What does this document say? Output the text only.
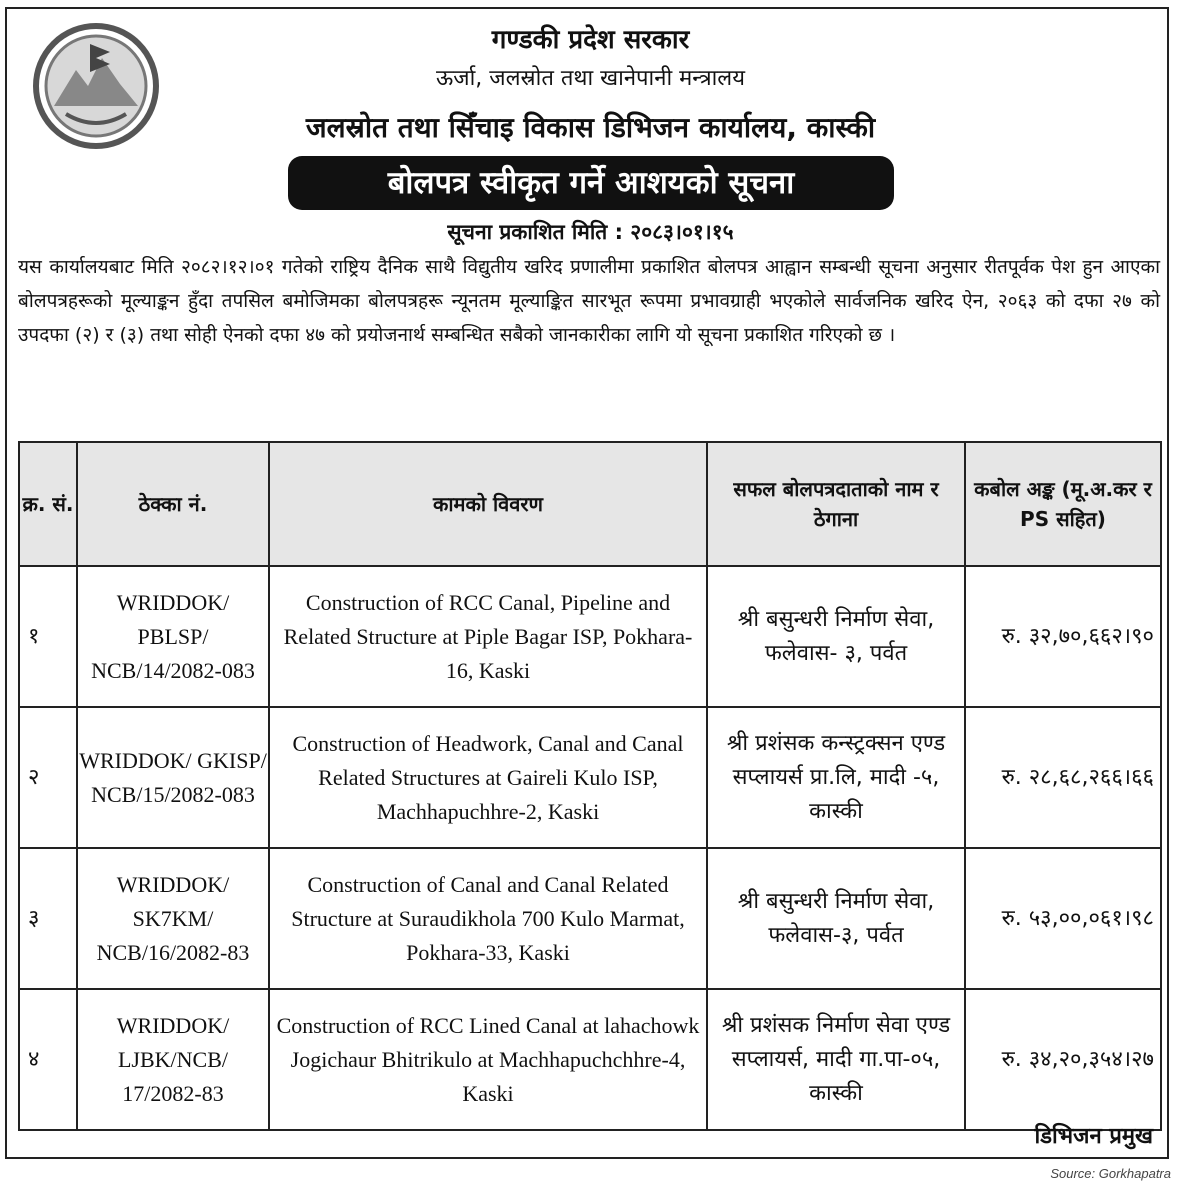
गण्डकी प्रदेश सरकार
ऊर्जा, जलस्रोत तथा खानेपानी मन्त्रालय
जलस्रोत तथा सिँचाइ विकास डिभिजन कार्यालय, कास्की
बोलपत्र स्वीकृत गर्ने आशयको सूचना
सूचना प्रकाशित मिति : २०८३।०१।१५
यस कार्यालयबाट मिति २०८२।१२।०१ गतेको राष्ट्रिय दैनिक साथै विद्युतीय खरिद प्रणालीमा प्रकाशित बोलपत्र आह्वान सम्बन्धी सूचना अनुसार रीतपूर्वक पेश हुन आएका बोलपत्रहरूको मूल्याङ्कन हुँदा तपसिल बमोजिमका बोलपत्रहरू न्यूनतम मूल्याङ्कित सारभूत रूपमा प्रभावग्राही भएकोले सार्वजनिक खरिद ऐन, २०६३ को दफा २७ को उपदफा (२) र (३) तथा सोही ऐनको दफा ४७ को प्रयोजनार्थ सम्बन्धित सबैको जानकारीका लागि यो सूचना प्रकाशित गरिएको छ ।
क्र. सं.	ठेक्का नं.	कामको विवरण	सफल बोलपत्रदाताको नाम र ठेगाना	कबोल अङ्क (मू.अ.कर र PS सहित)
१	WRIDDOK/ PBLSP/ NCB/14/2082-083	Construction of RCC Canal, Pipeline and Related Structure at Piple Bagar ISP, Pokhara-16, Kaski	श्री बसुन्धरी निर्माण सेवा, फलेवास- ३, पर्वत	रु. ३२,७०,६६२।९०
२	WRIDDOK/ GKISP/ NCB/15/2082-083	Construction of Headwork, Canal and Canal Related Structures at Gaireli Kulo ISP, Machhapuchhre-2, Kaski	श्री प्रशंसक कन्स्ट्रक्सन एण्ड सप्लायर्स प्रा.लि, मादी -५, कास्की	रु. २८,६८,२६६।६६
३	WRIDDOK/ SK7KM/ NCB/16/2082-83	Construction of Canal and Canal Related Structure at Suraudikhola 700 Kulo Marmat, Pokhara-33, Kaski	श्री बसुन्धरी निर्माण सेवा, फलेवास-३, पर्वत	रु. ५३,००,०६१।९८
४	WRIDDOK/ LJBK/NCB/ 17/2082-83	Construction of RCC Lined Canal at lahachowk Jogichaur Bhitrikulo at Machhapuchchhre-4, Kaski	श्री प्रशंसक निर्माण सेवा एण्ड सप्लायर्स, मादी गा.पा-०५, कास्की	रु. ३४,२०,३५४।२७
डिभिजन प्रमुख
Source: Gorkhapatra
